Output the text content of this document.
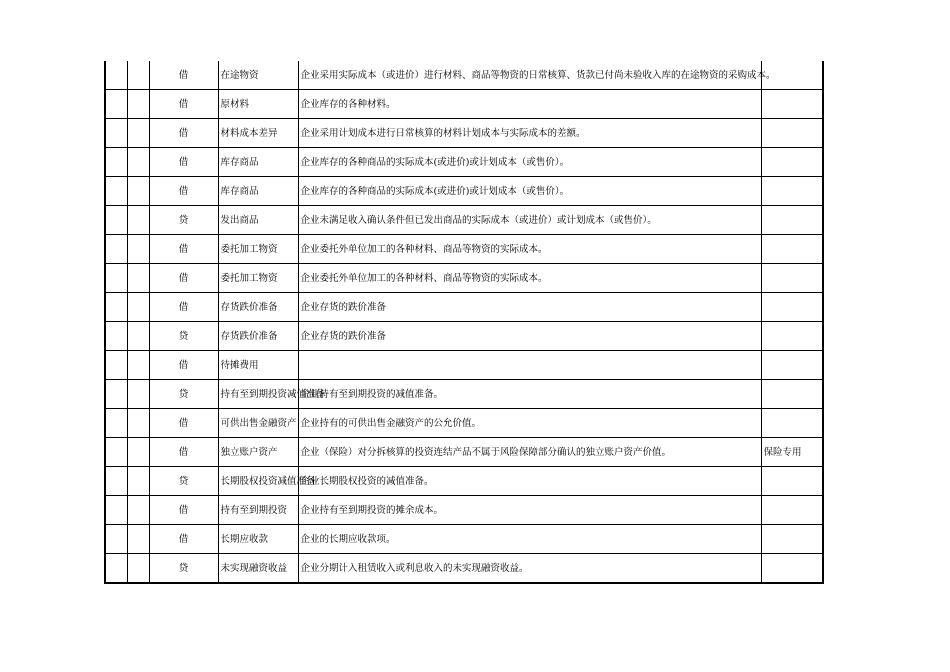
		借	在途物资	企业采用实际成本（或进价）进行材料、商品等物资的日常核算、货款已付尚未验收入库的在途物资的采购成本。	
		借	原材料	企业库存的各种材料。	
		借	材料成本差异	企业采用计划成本进行日常核算的材料计划成本与实际成本的差额。	
		借	库存商品	企业库存的各种商品的实际成本(或进价)或计划成本（或售价）。	
		借	库存商品	企业库存的各种商品的实际成本(或进价)或计划成本（或售价）。	
		贷	发出商品	企业未满足收入确认条件但已发出商品的实际成本（或进价）或计划成本（或售价）。	
		借	委托加工物资	企业委托外单位加工的各种材料、商品等物资的实际成本。	
		借	委托加工物资	企业委托外单位加工的各种材料、商品等物资的实际成本。	
		借	存货跌价准备	企业存货的跌价准备	
		贷	存货跌价准备	企业存货的跌价准备	
		借	待摊费用		
		贷	持有至到期投资减值准备	企业持有至到期投资的减值准备。	
		借	可供出售金融资产	企业持有的可供出售金融资产的公允价值。	
		借	独立账户资产	企业（保险）对分拆核算的投资连结产品不属于风险保障部分确认的独立账户资产价值。	保险专用
		贷	长期股权投资减值准备	企业长期股权投资的减值准备。	
		借	持有至到期投资	企业持有至到期投资的摊余成本。	
		借	长期应收款	企业的长期应收款项。	
		贷	未实现融资收益	企业分期计入租赁收入或利息收入的未实现融资收益。	
